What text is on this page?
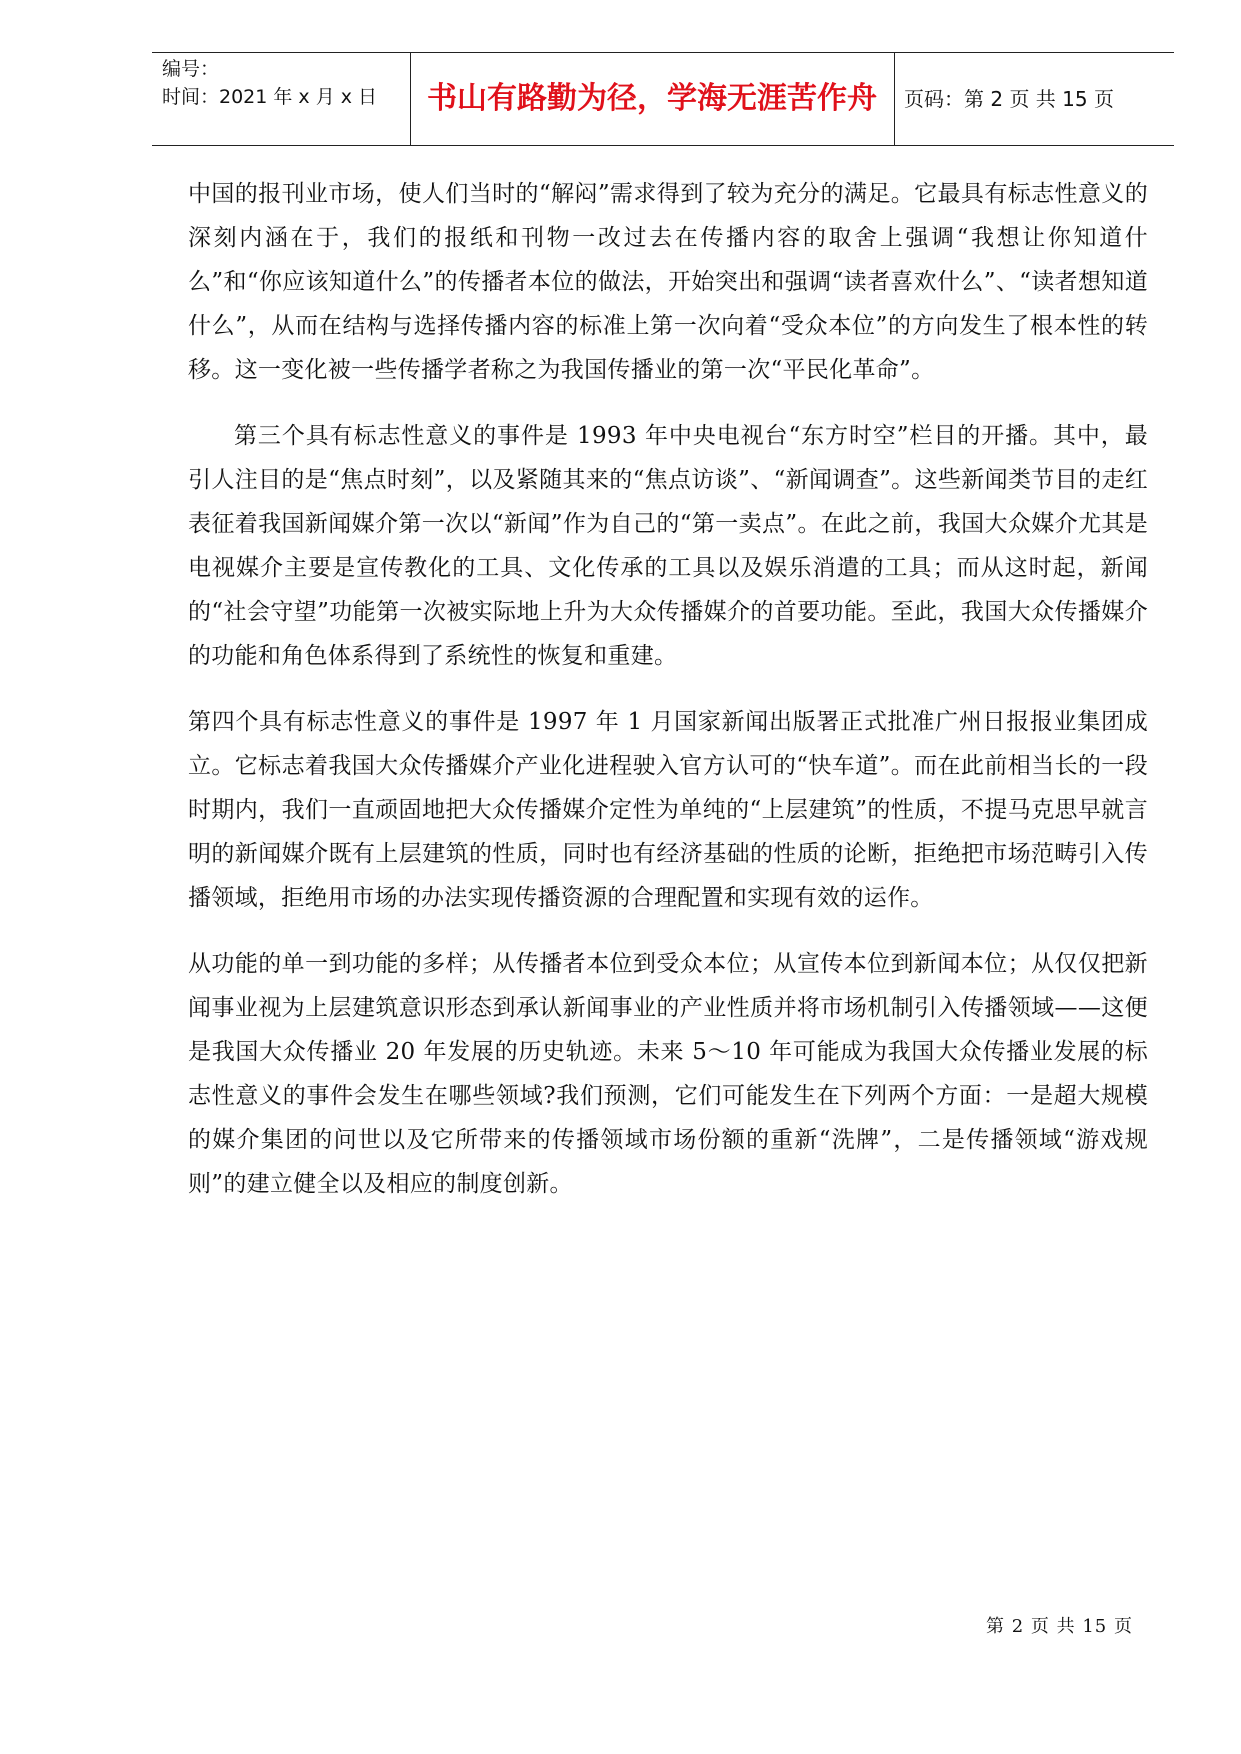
编号：
时间：2021 年 x 月 x 日	书山有路勤为径，学海无涯苦作舟	页码：第 2 页 共 15 页

中国的报刊业市场，使人们当时的“解闷”需求得到了较为充分的满足。它最具有标志性意义的深刻内涵在于，我们的报纸和刊物一改过去在传播内容的取舍上强调“我想让你知道什么”和“你应该知道什么”的传播者本位的做法，开始突出和强调“读者喜欢什么”、“读者想知道什么”，从而在结构与选择传播内容的标准上第一次向着“受众本位”的方向发生了根本性的转移。这一变化被一些传播学者称之为我国传播业的第一次“平民化革命”。

第三个具有标志性意义的事件是 1993 年中央电视台“东方时空”栏目的开播。其中，最引人注目的是“焦点时刻”，以及紧随其来的“焦点访谈”、“新闻调查”。这些新闻类节目的走红表征着我国新闻媒介第一次以“新闻”作为自己的“第一卖点”。在此之前，我国大众媒介尤其是电视媒介主要是宣传教化的工具、文化传承的工具以及娱乐消遣的工具；而从这时起，新闻的“社会守望”功能第一次被实际地上升为大众传播媒介的首要功能。至此，我国大众传播媒介的功能和角色体系得到了系统性的恢复和重建。

第四个具有标志性意义的事件是 1997 年 1 月国家新闻出版署正式批准广州日报报业集团成立。它标志着我国大众传播媒介产业化进程驶入官方认可的“快车道”。而在此前相当长的一段时期内，我们一直顽固地把大众传播媒介定性为单纯的“上层建筑”的性质，不提马克思早就言明的新闻媒介既有上层建筑的性质，同时也有经济基础的性质的论断，拒绝把市场范畴引入传播领域，拒绝用市场的办法实现传播资源的合理配置和实现有效的运作。

从功能的单一到功能的多样；从传播者本位到受众本位；从宣传本位到新闻本位；从仅仅把新闻事业视为上层建筑意识形态到承认新闻事业的产业性质并将市场机制引入传播领域——这便是我国大众传播业 20 年发展的历史轨迹。未来 5～10 年可能成为我国大众传播业发展的标志性意义的事件会发生在哪些领域?我们预测，它们可能发生在下列两个方面：一是超大规模的媒介集团的问世以及它所带来的传播领域市场份额的重新“洗牌”，二是传播领域“游戏规则”的建立健全以及相应的制度创新。

第 2 页 共 15 页
